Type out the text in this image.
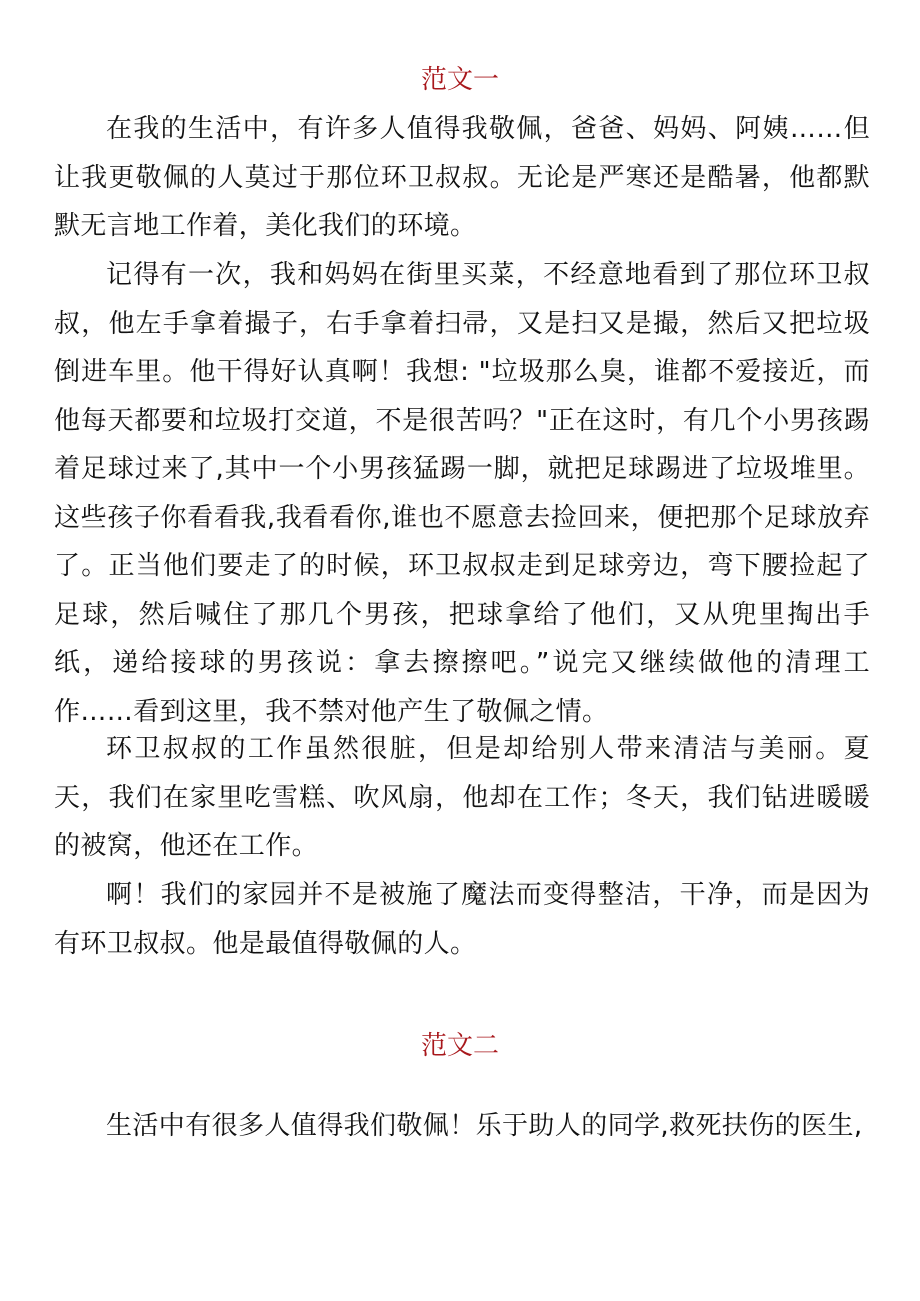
范文一

在我的生活中，有许多人值得我敬佩，爸爸、妈妈、阿姨……但让我更敬佩的人莫过于那位环卫叔叔。无论是严寒还是酷暑，他都默默无言地工作着，美化我们的环境。

记得有一次，我和妈妈在街里买菜，不经意地看到了那位环卫叔叔，他左手拿着撮子，右手拿着扫帚，又是扫又是撮，然后又把垃圾倒进车里。他干得好认真啊！我想: "垃圾那么臭，谁都不爱接近，而他每天都要和垃圾打交道，不是很苦吗？"正在这时，有几个小男孩踢着足球过来了,其中一个小男孩猛踢一脚，就把足球踢进了垃圾堆里。这些孩子你看看我,我看看你,谁也不愿意去捡回来，便把那个足球放弃了。正当他们要走了的时候，环卫叔叔走到足球旁边，弯下腰捡起了足球，然后喊住了那几个男孩，把球拿给了他们，又从兜里掏出手纸，递给接球的男孩说：拿去擦擦吧。”说完又继续做他的清理工作……看到这里，我不禁对他产生了敬佩之情。

环卫叔叔的工作虽然很脏，但是却给别人带来清洁与美丽。夏天，我们在家里吃雪糕、吹风扇，他却在工作；冬天，我们钻进暖暖的被窝，他还在工作。

啊！我们的家园并不是被施了魔法而变得整洁，干净，而是因为有环卫叔叔。他是最值得敬佩的人。

范文二

生活中有很多人值得我们敬佩！乐于助人的同学,救死扶伤的医生,
